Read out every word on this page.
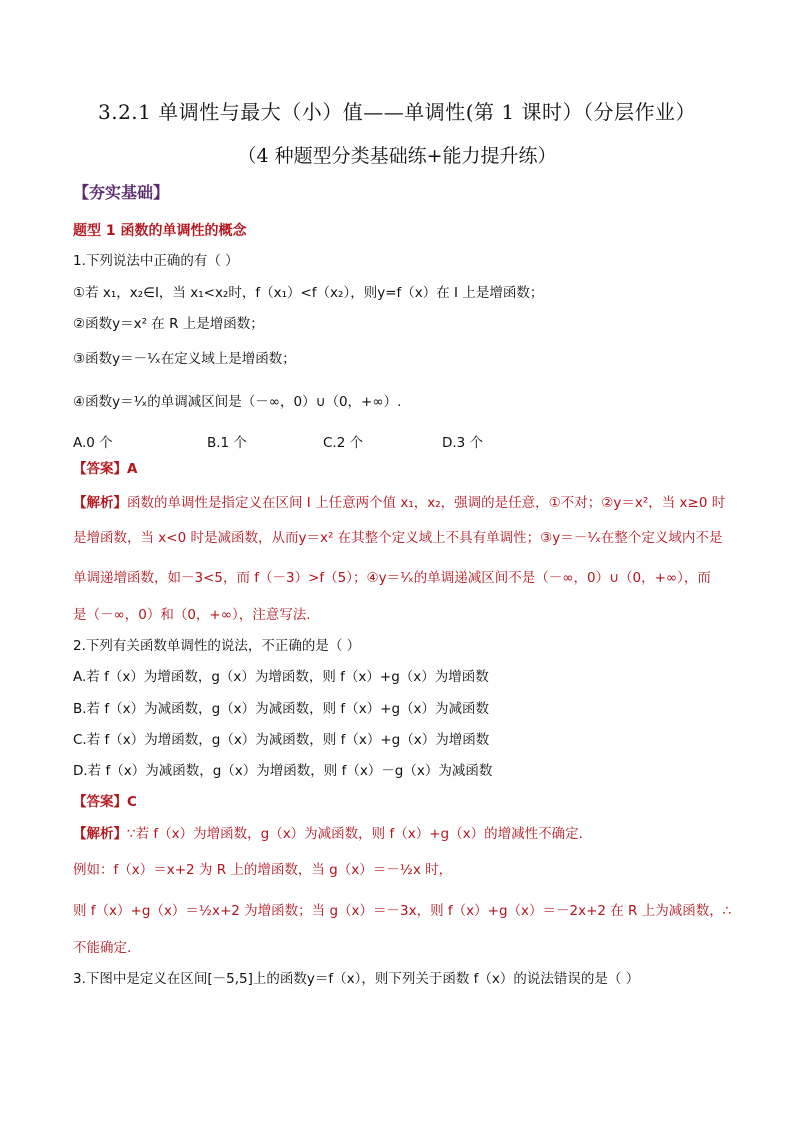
3.2.1 单调性与最大（小）值——单调性(第 1 课时）（分层作业）
（4 种题型分类基础练+能力提升练）
【夯实基础】
题型 1 函数的单调性的概念
1.下列说法中正确的有（ ）
①若 x₁，x₂∈I，当 x₁<x₂时，f（x₁）<f（x₂），则y=f（x）在 I 上是增函数；
②函数y＝x² 在 R 上是增函数；
③函数y＝－¹⁄ₓ在定义域上是增函数；
④函数y＝¹⁄ₓ的单调减区间是（－∞，0）∪（0，+∞）.
A.0 个	B.1 个	C.2 个	D.3 个
【答案】A
【解析】函数的单调性是指定义在区间 I 上任意两个值 x₁，x₂，强调的是任意，①不对；②y＝x²，当 x≥0 时
是增函数，当 x<0 时是减函数，从而y＝x² 在其整个定义域上不具有单调性；③y＝－¹⁄ₓ在整个定义域内不是
单调递增函数，如－3<5，而 f（－3）>f（5）；④y＝¹⁄ₓ的单调递减区间不是（－∞，0）∪（0，+∞），而
是（－∞，0）和（0，+∞），注意写法.
2.下列有关函数单调性的说法，不正确的是（ ）
A.若 f（x）为增函数，g（x）为增函数，则 f（x）+g（x）为增函数
B.若 f（x）为减函数，g（x）为减函数，则 f（x）+g（x）为减函数
C.若 f（x）为增函数，g（x）为减函数，则 f（x）+g（x）为增函数
D.若 f（x）为减函数，g（x）为增函数，则 f（x）－g（x）为减函数
【答案】C
【解析】∵若 f（x）为增函数，g（x）为减函数，则 f（x）+g（x）的增减性不确定.
例如：f（x）＝x+2 为 R 上的增函数，当 g（x）＝－½x 时，
则 f（x）+g（x）＝½x+2 为增函数；当 g（x）＝－3x，则 f（x）+g（x）＝－2x+2 在 R 上为减函数，∴
不能确定.
3.下图中是定义在区间[－5,5]上的函数y＝f（x），则下列关于函数 f（x）的说法错误的是（ ）
